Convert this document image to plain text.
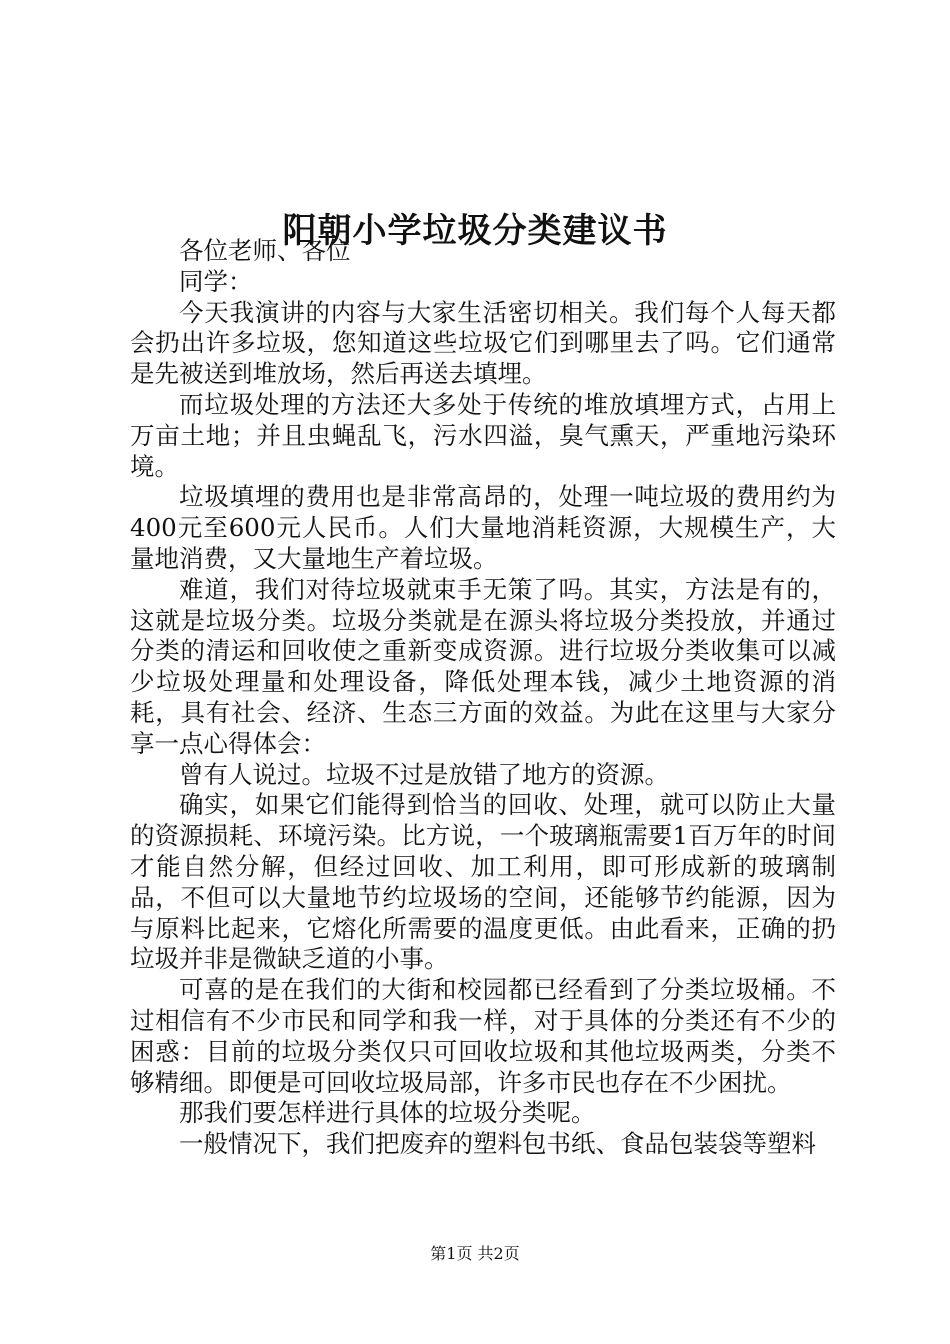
阳朝小学垃圾分类建议书

各位老师、各位

同学：

今天我演讲的内容与大家生活密切相关。我们每个人每天都会扔出许多垃圾，您知道这些垃圾它们到哪里去了吗。它们通常是先被送到堆放场，然后再送去填埋。

而垃圾处理的方法还大多处于传统的堆放填埋方式，占用上万亩土地；并且虫蝇乱飞，污水四溢，臭气熏天，严重地污染环境。

垃圾填埋的费用也是非常高昂的，处理一吨垃圾的费用约为400元至600元人民币。人们大量地消耗资源，大规模生产，大量地消费，又大量地生产着垃圾。

难道，我们对待垃圾就束手无策了吗。其实，方法是有的，这就是垃圾分类。垃圾分类就是在源头将垃圾分类投放，并通过分类的清运和回收使之重新变成资源。进行垃圾分类收集可以减少垃圾处理量和处理设备，降低处理本钱，减少土地资源的消耗，具有社会、经济、生态三方面的效益。为此在这里与大家分享一点心得体会：

曾有人说过。垃圾不过是放错了地方的资源。

确实，如果它们能得到恰当的回收、处理，就可以防止大量的资源损耗、环境污染。比方说，一个玻璃瓶需要1百万年的时间才能自然分解，但经过回收、加工利用，即可形成新的玻璃制品，不但可以大量地节约垃圾场的空间，还能够节约能源，因为与原料比起来，它熔化所需要的温度更低。由此看来，正确的扔垃圾并非是微缺乏道的小事。

可喜的是在我们的大街和校园都已经看到了分类垃圾桶。不过相信有不少市民和同学和我一样，对于具体的分类还有不少的困惑：目前的垃圾分类仅只可回收垃圾和其他垃圾两类，分类不够精细。即便是可回收垃圾局部，许多市民也存在不少困扰。

那我们要怎样进行具体的垃圾分类呢。

一般情况下，我们把废弃的塑料包书纸、食品包装袋等塑料

第1页 共2页
